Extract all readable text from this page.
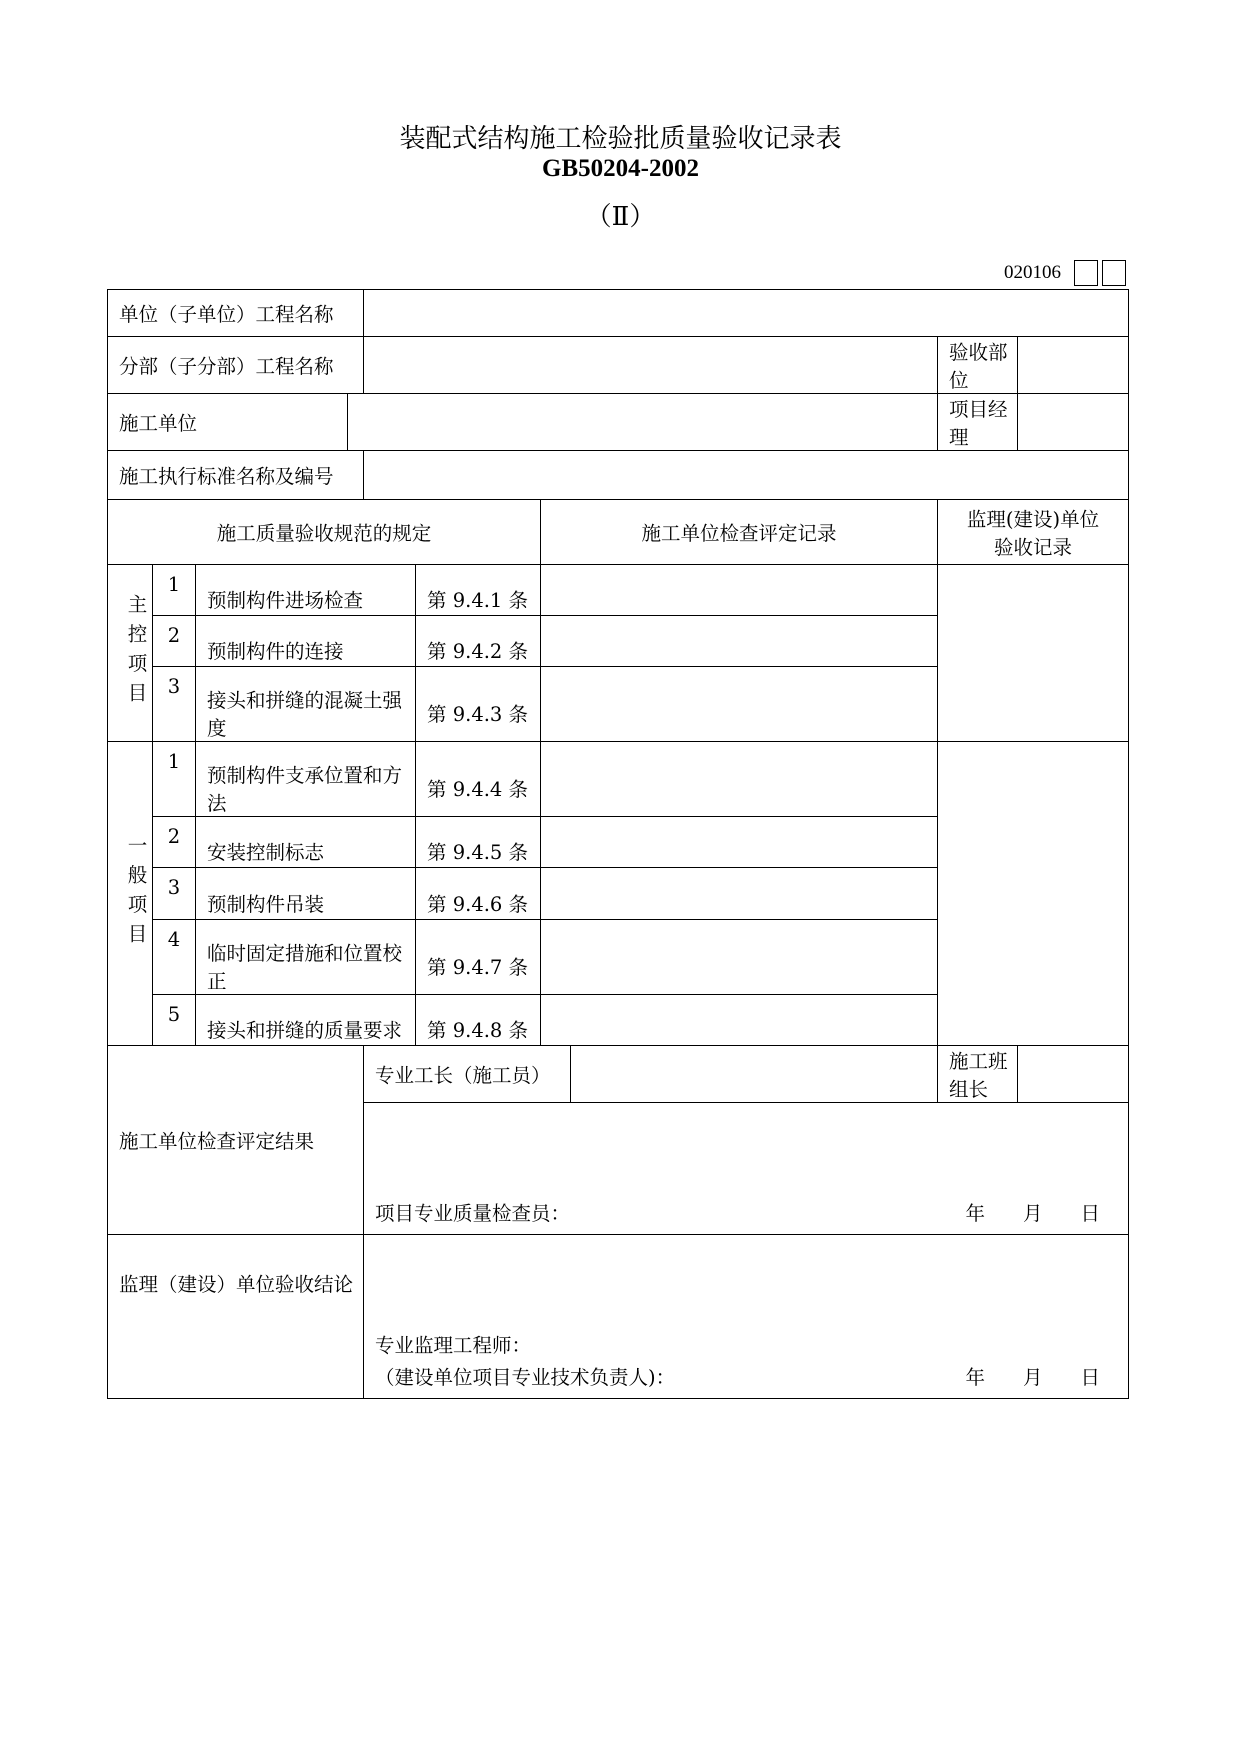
装配式结构施工检验批质量验收记录表
GB50204-2002
（Ⅱ）
020106
单位（子单位）工程名称									
分部（子分部）工程名称								验收部位	
施工单位								项目经理	
施工执行标准名称及编号									
施工质量验收规范的规定						施工单位检查评定记录		监理(建设)单位
验收记录	

主控项目	1	预制构件进场检查			第 9.4.1 条				
	2	预制构件的连接			第 9.4.2 条				
	3	接头和拼缝的混凝土强度			第 9.4.3 条				
一般项目	1	预制构件支承位置和方法			第 9.4.4 条				
	2	安装控制标志			第 9.4.5 条				
	3	预制构件吊装			第 9.4.6 条				
	4	临时固定措施和位置校正			第 9.4.7 条				
	5	接头和拼缝的质量要求			第 9.4.8 条				
施工单位检查评定结果				专业工长（施工员）				施工班组长	
				项目专业质量检查员： 年 月 日					

监理（建设）单位验收结论				专业监理工程师：
（建设单位项目专业技术负责人)： 年 月 日					
